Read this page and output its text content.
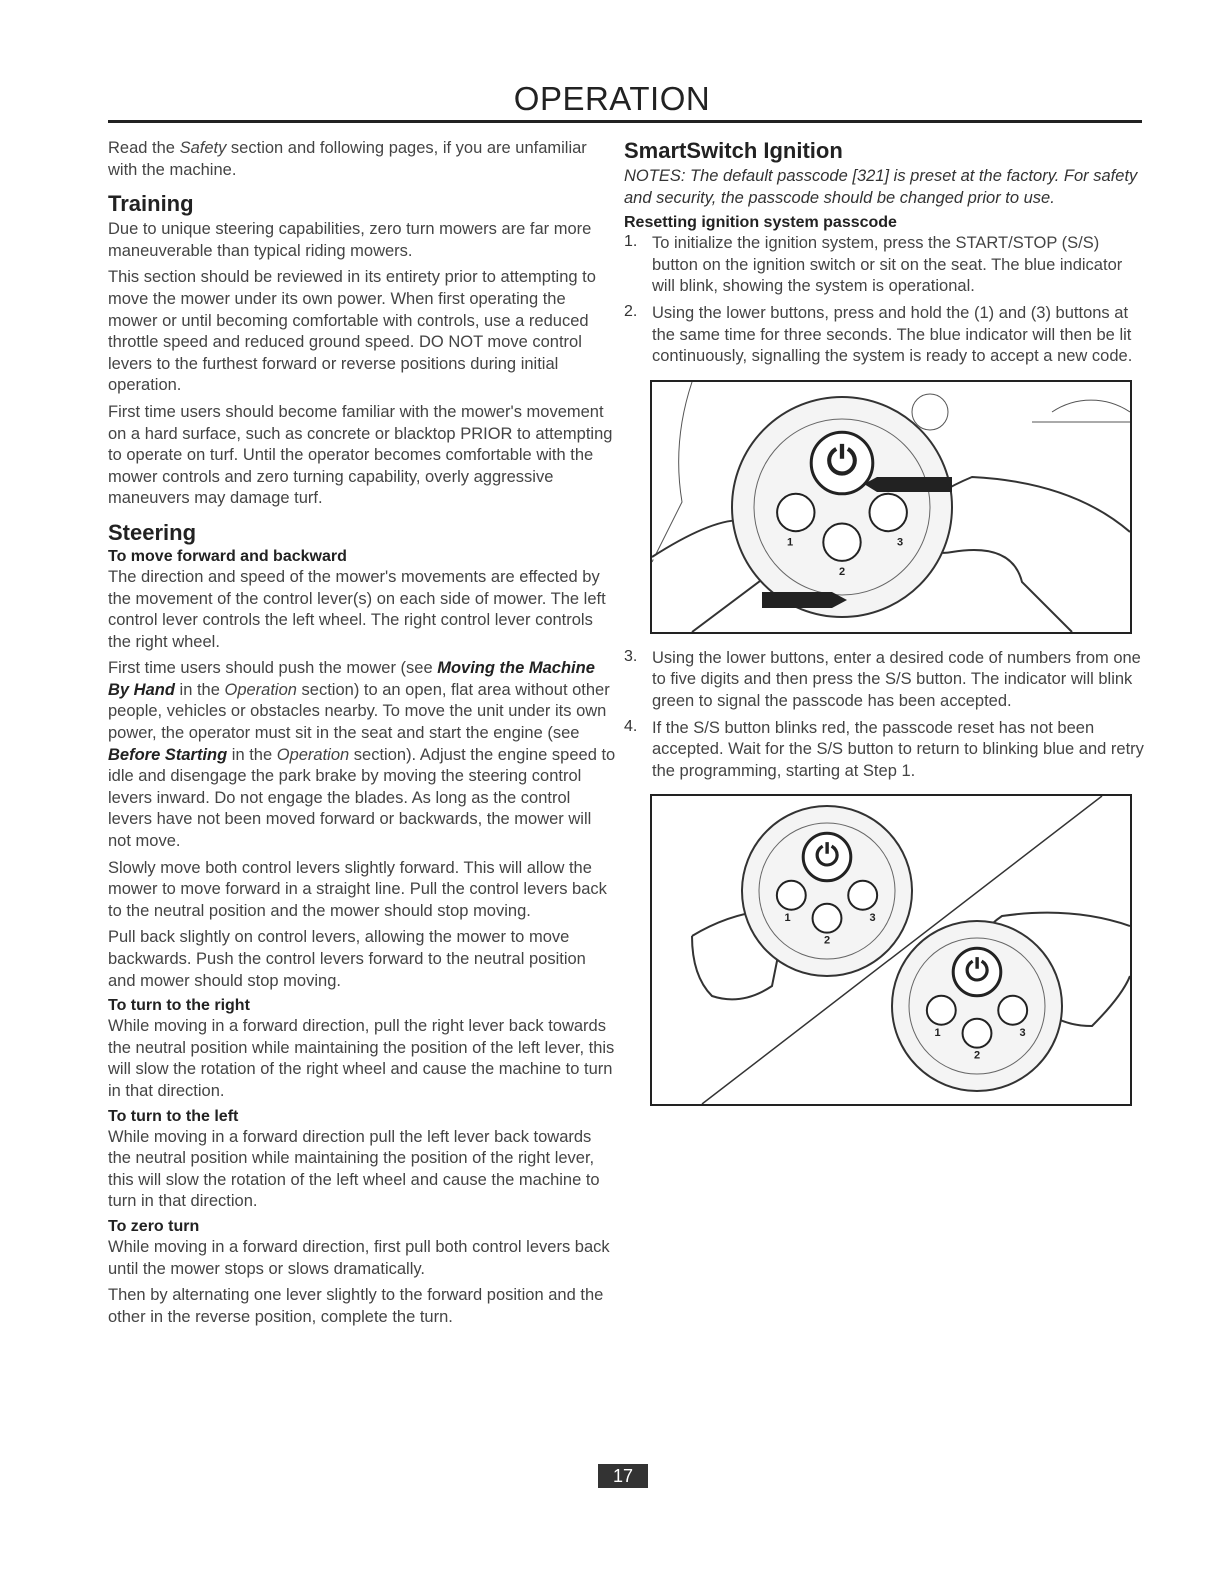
OPERATION

Read the Safety section and following pages, if you are unfamiliar with the machine.

Training

Due to unique steering capabilities, zero turn mowers are far more maneuverable than typical riding mowers.

This section should be reviewed in its entirety prior to attempting to move the mower under its own power. When first operating the mower or until becoming comfortable with controls, use a reduced throttle speed and reduced ground speed. DO NOT move control levers to the furthest forward or reverse positions during initial operation.

First time users should become familiar with the mower's movement on a hard surface, such as concrete or blacktop PRIOR to attempting to operate on turf. Until the operator becomes comfortable with the mower controls and zero turning capability, overly aggressive maneuvers may damage turf.

Steering
To move forward and backward

The direction and speed of the mower's movements are effected by the movement of the control lever(s) on each side of mower. The left control lever controls the left wheel. The right control lever controls the right wheel.

First time users should push the mower (see Moving the Machine By Hand in the Operation section) to an open, flat area without other people, vehicles or obstacles nearby. To move the unit under its own power, the operator must sit in the seat and start the engine (see Before Starting in the Operation section). Adjust the engine speed to idle and disengage the park brake by moving the steering control levers inward. Do not engage the blades. As long as the control levers have not been moved forward or backwards, the mower will not move.

Slowly move both control levers slightly forward. This will allow the mower to move forward in a straight line. Pull the control levers back to the neutral position and the mower should stop moving.

Pull back slightly on control levers, allowing the mower to move backwards. Push the control levers forward to the neutral position and mower should stop moving.

To turn to the right

While moving in a forward direction, pull the right lever back towards the neutral position while maintaining the position of the left lever, this will slow the rotation of the right wheel and cause the machine to turn in that direction.

To turn to the left

While moving in a forward direction pull the left lever back towards the neutral position while maintaining the position of the right lever, this will slow the rotation of the left wheel and cause the machine to turn in that direction.

To zero turn

While moving in a forward direction, first pull both control levers back until the mower stops or slows dramatically.

Then by alternating one lever slightly to the forward position and the other in the reverse position, complete the turn.

SmartSwitch Ignition

NOTES: The default passcode [321] is preset at the factory. For safety and security, the passcode should be changed prior to use.

Resetting ignition system passcode
1. To initialize the ignition system, press the START/STOP (S/S) button on the ignition switch or sit on the seat. The blue indicator will blink, showing the system is operational.

2. Using the lower buttons, press and hold the (1) and (3) buttons at the same time for three seconds. The blue indicator will then be lit continuously, signalling the system is ready to accept a new code.

⏻
1
2
3
3. Using the lower buttons, enter a desired code of numbers from one to five digits and then press the S/S button. The indicator will blink green to signal the passcode has been accepted.

4. If the S/S button blinks red, the passcode reset has not been accepted. Wait for the S/S button to return to blinking blue and retry the programming, starting at Step 1.

⏻
⏻
1
2
3
1
2
3
17
